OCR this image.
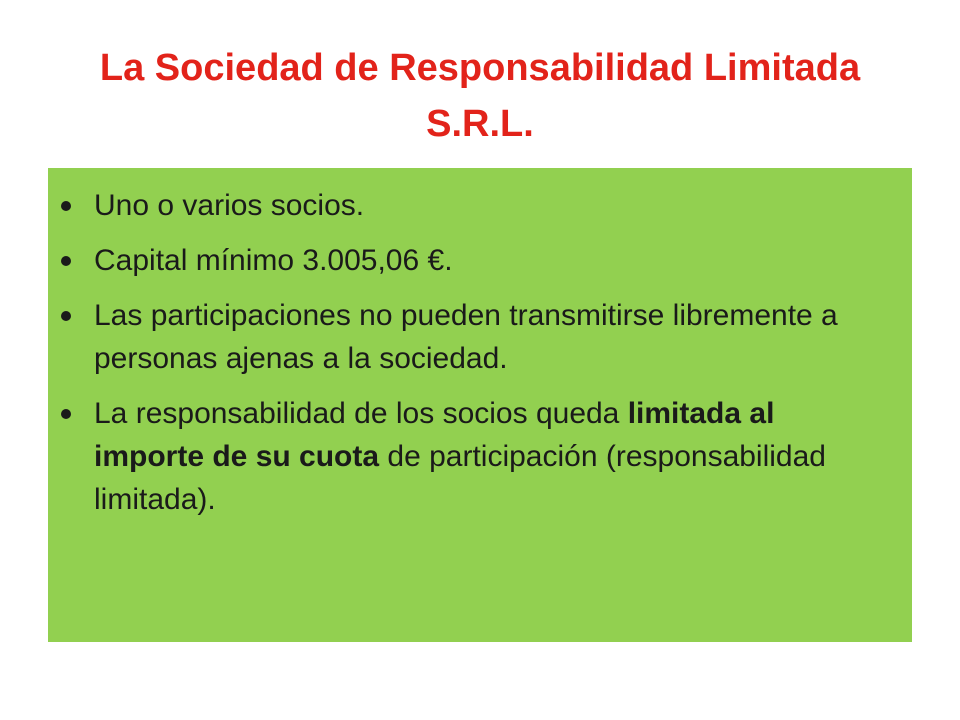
La Sociedad de Responsabilidad Limitada
S.R.L.
Uno o varios socios.
Capital mínimo 3.005,06 €.
Las participaciones no pueden transmitirse libremente a personas ajenas a la sociedad.
La responsabilidad de los socios queda limitada al importe de su cuota de participación (responsabilidad limitada).
